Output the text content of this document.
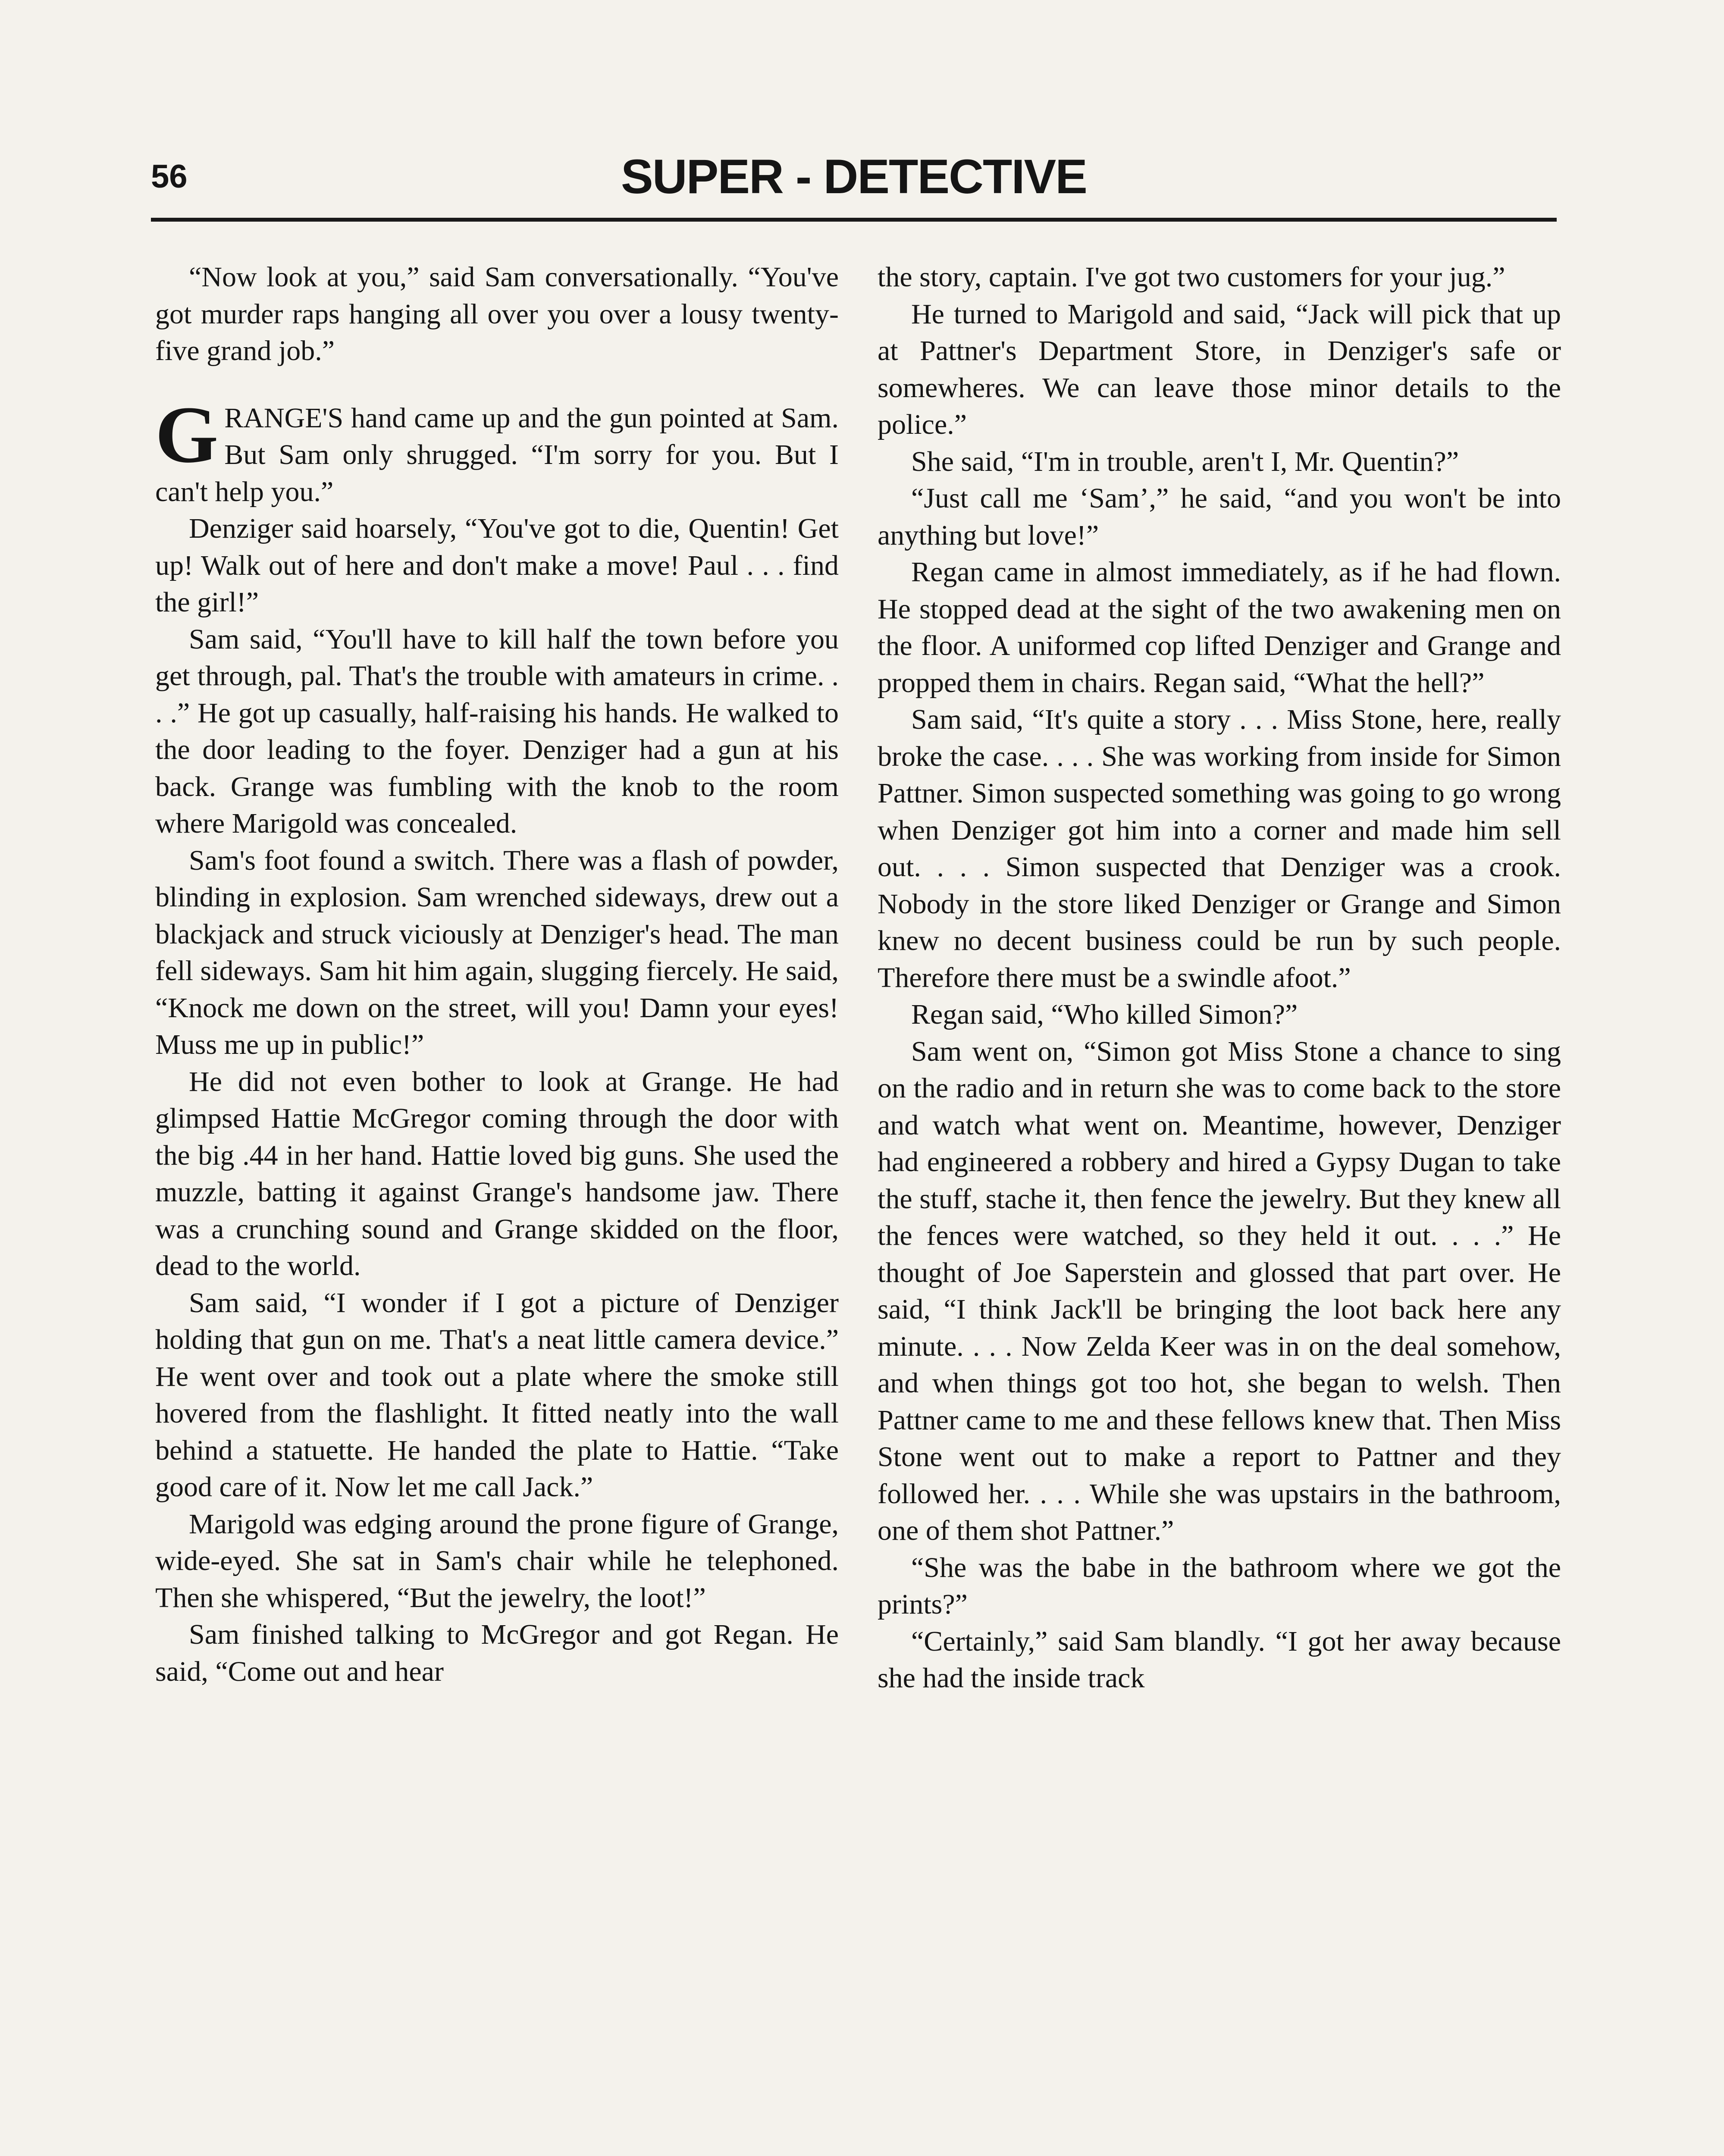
56	SUPER - DETECTIVE

“Now look at you,” said Sam conversationally. “You've got murder raps hanging all over you over a lousy twenty-five grand job.”

GRANGE'S hand came up and the gun pointed at Sam. But Sam only shrugged. “I'm sorry for you. But I can't help you.”

Denziger said hoarsely, “You've got to die, Quentin! Get up! Walk out of here and don't make a move! Paul . . . find the girl!”

Sam said, “You'll have to kill half the town before you get through, pal. That's the trouble with amateurs in crime. . . .” He got up casually, half-raising his hands. He walked to the door leading to the foyer. Denziger had a gun at his back. Grange was fumbling with the knob to the room where Marigold was concealed.

Sam's foot found a switch. There was a flash of powder, blinding in explosion. Sam wrenched sideways, drew out a blackjack and struck viciously at Denziger's head. The man fell sideways. Sam hit him again, slugging fiercely. He said, “Knock me down on the street, will you! Damn your eyes! Muss me up in public!”

He did not even bother to look at Grange. He had glimpsed Hattie McGregor coming through the door with the big .44 in her hand. Hattie loved big guns. She used the muzzle, batting it against Grange's handsome jaw. There was a crunching sound and Grange skidded on the floor, dead to the world.

Sam said, “I wonder if I got a picture of Denziger holding that gun on me. That's a neat little camera device.” He went over and took out a plate where the smoke still hovered from the flashlight. It fitted neatly into the wall behind a statuette. He handed the plate to Hattie. “Take good care of it. Now let me call Jack.”

Marigold was edging around the prone figure of Grange, wide-eyed. She sat in Sam's chair while he telephoned. Then she whispered, “But the jewelry, the loot!”

Sam finished talking to McGregor and got Regan. He said, “Come out and hear

the story, captain. I've got two customers for your jug.”

He turned to Marigold and said, “Jack will pick that up at Pattner's Department Store, in Denziger's safe or somewheres. We can leave those minor details to the police.”

She said, “I'm in trouble, aren't I, Mr. Quentin?”

“Just call me ‘Sam’,” he said, “and you won't be into anything but love!”

Regan came in almost immediately, as if he had flown. He stopped dead at the sight of the two awakening men on the floor. A uniformed cop lifted Denziger and Grange and propped them in chairs. Regan said, “What the hell?”

Sam said, “It's quite a story . . . Miss Stone, here, really broke the case. . . . She was working from inside for Simon Pattner. Simon suspected something was going to go wrong when Denziger got him into a corner and made him sell out. . . . Simon suspected that Denziger was a crook. Nobody in the store liked Denziger or Grange and Simon knew no decent business could be run by such people. Therefore there must be a swindle afoot.”

Regan said, “Who killed Simon?”

Sam went on, “Simon got Miss Stone a chance to sing on the radio and in return she was to come back to the store and watch what went on. Meantime, however, Denziger had engineered a robbery and hired a Gypsy Dugan to take the stuff, stache it, then fence the jewelry. But they knew all the fences were watched, so they held it out. . . .” He thought of Joe Saperstein and glossed that part over. He said, “I think Jack'll be bringing the loot back here any minute. . . . Now Zelda Keer was in on the deal somehow, and when things got too hot, she began to welsh. Then Pattner came to me and these fellows knew that. Then Miss Stone went out to make a report to Pattner and they followed her. . . . While she was upstairs in the bathroom, one of them shot Pattner.”

“She was the babe in the bathroom where we got the prints?”

“Certainly,” said Sam blandly. “I got her away because she had the inside track
